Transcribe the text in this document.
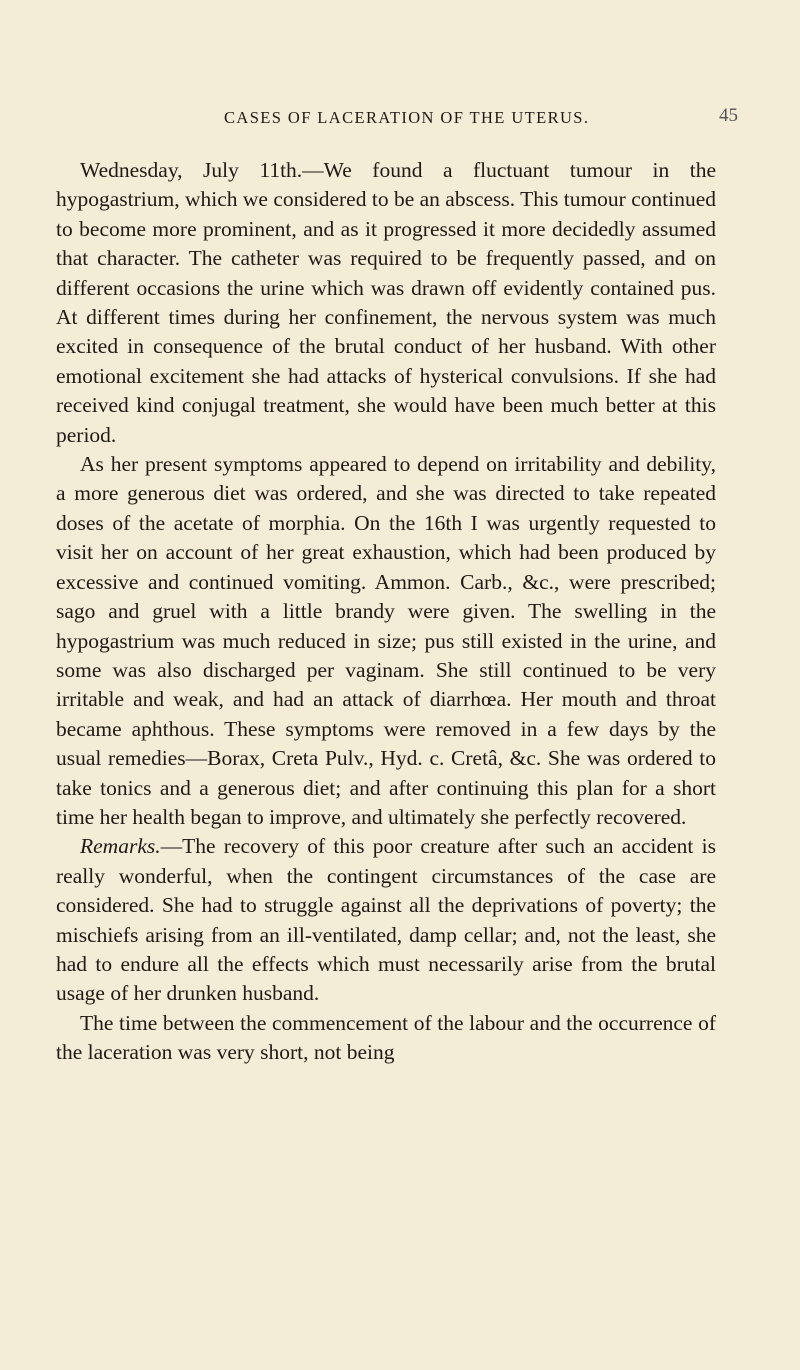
CASES OF LACERATION OF THE UTERUS.	45

Wednesday, July 11th.—We found a fluctuant tumour in the hypogastrium, which we considered to be an abscess. This tumour continued to become more prominent, and as it progressed it more decidedly assumed that character. The catheter was required to be frequently passed, and on different occasions the urine which was drawn off evidently contained pus. At different times during her confinement, the nervous system was much excited in consequence of the brutal conduct of her husband. With other emotional excitement she had attacks of hysterical convulsions. If she had received kind conjugal treatment, she would have been much better at this period.

As her present symptoms appeared to depend on irritability and debility, a more generous diet was ordered, and she was directed to take repeated doses of the acetate of morphia. On the 16th I was urgently requested to visit her on account of her great exhaustion, which had been produced by excessive and continued vomiting. Ammon. Carb., &c., were prescribed; sago and gruel with a little brandy were given. The swelling in the hypogastrium was much reduced in size; pus still existed in the urine, and some was also discharged per vaginam. She still continued to be very irritable and weak, and had an attack of diarrhœa. Her mouth and throat became aphthous. These symptoms were removed in a few days by the usual remedies—Borax, Creta Pulv., Hyd. c. Cretâ, &c. She was ordered to take tonics and a generous diet; and after continuing this plan for a short time her health began to improve, and ultimately she perfectly recovered.

Remarks.—The recovery of this poor creature after such an accident is really wonderful, when the contingent circumstances of the case are considered. She had to struggle against all the deprivations of poverty; the mischiefs arising from an ill-ventilated, damp cellar; and, not the least, she had to endure all the effects which must necessarily arise from the brutal usage of her drunken husband.

The time between the commencement of the labour and the occurrence of the laceration was very short, not being
